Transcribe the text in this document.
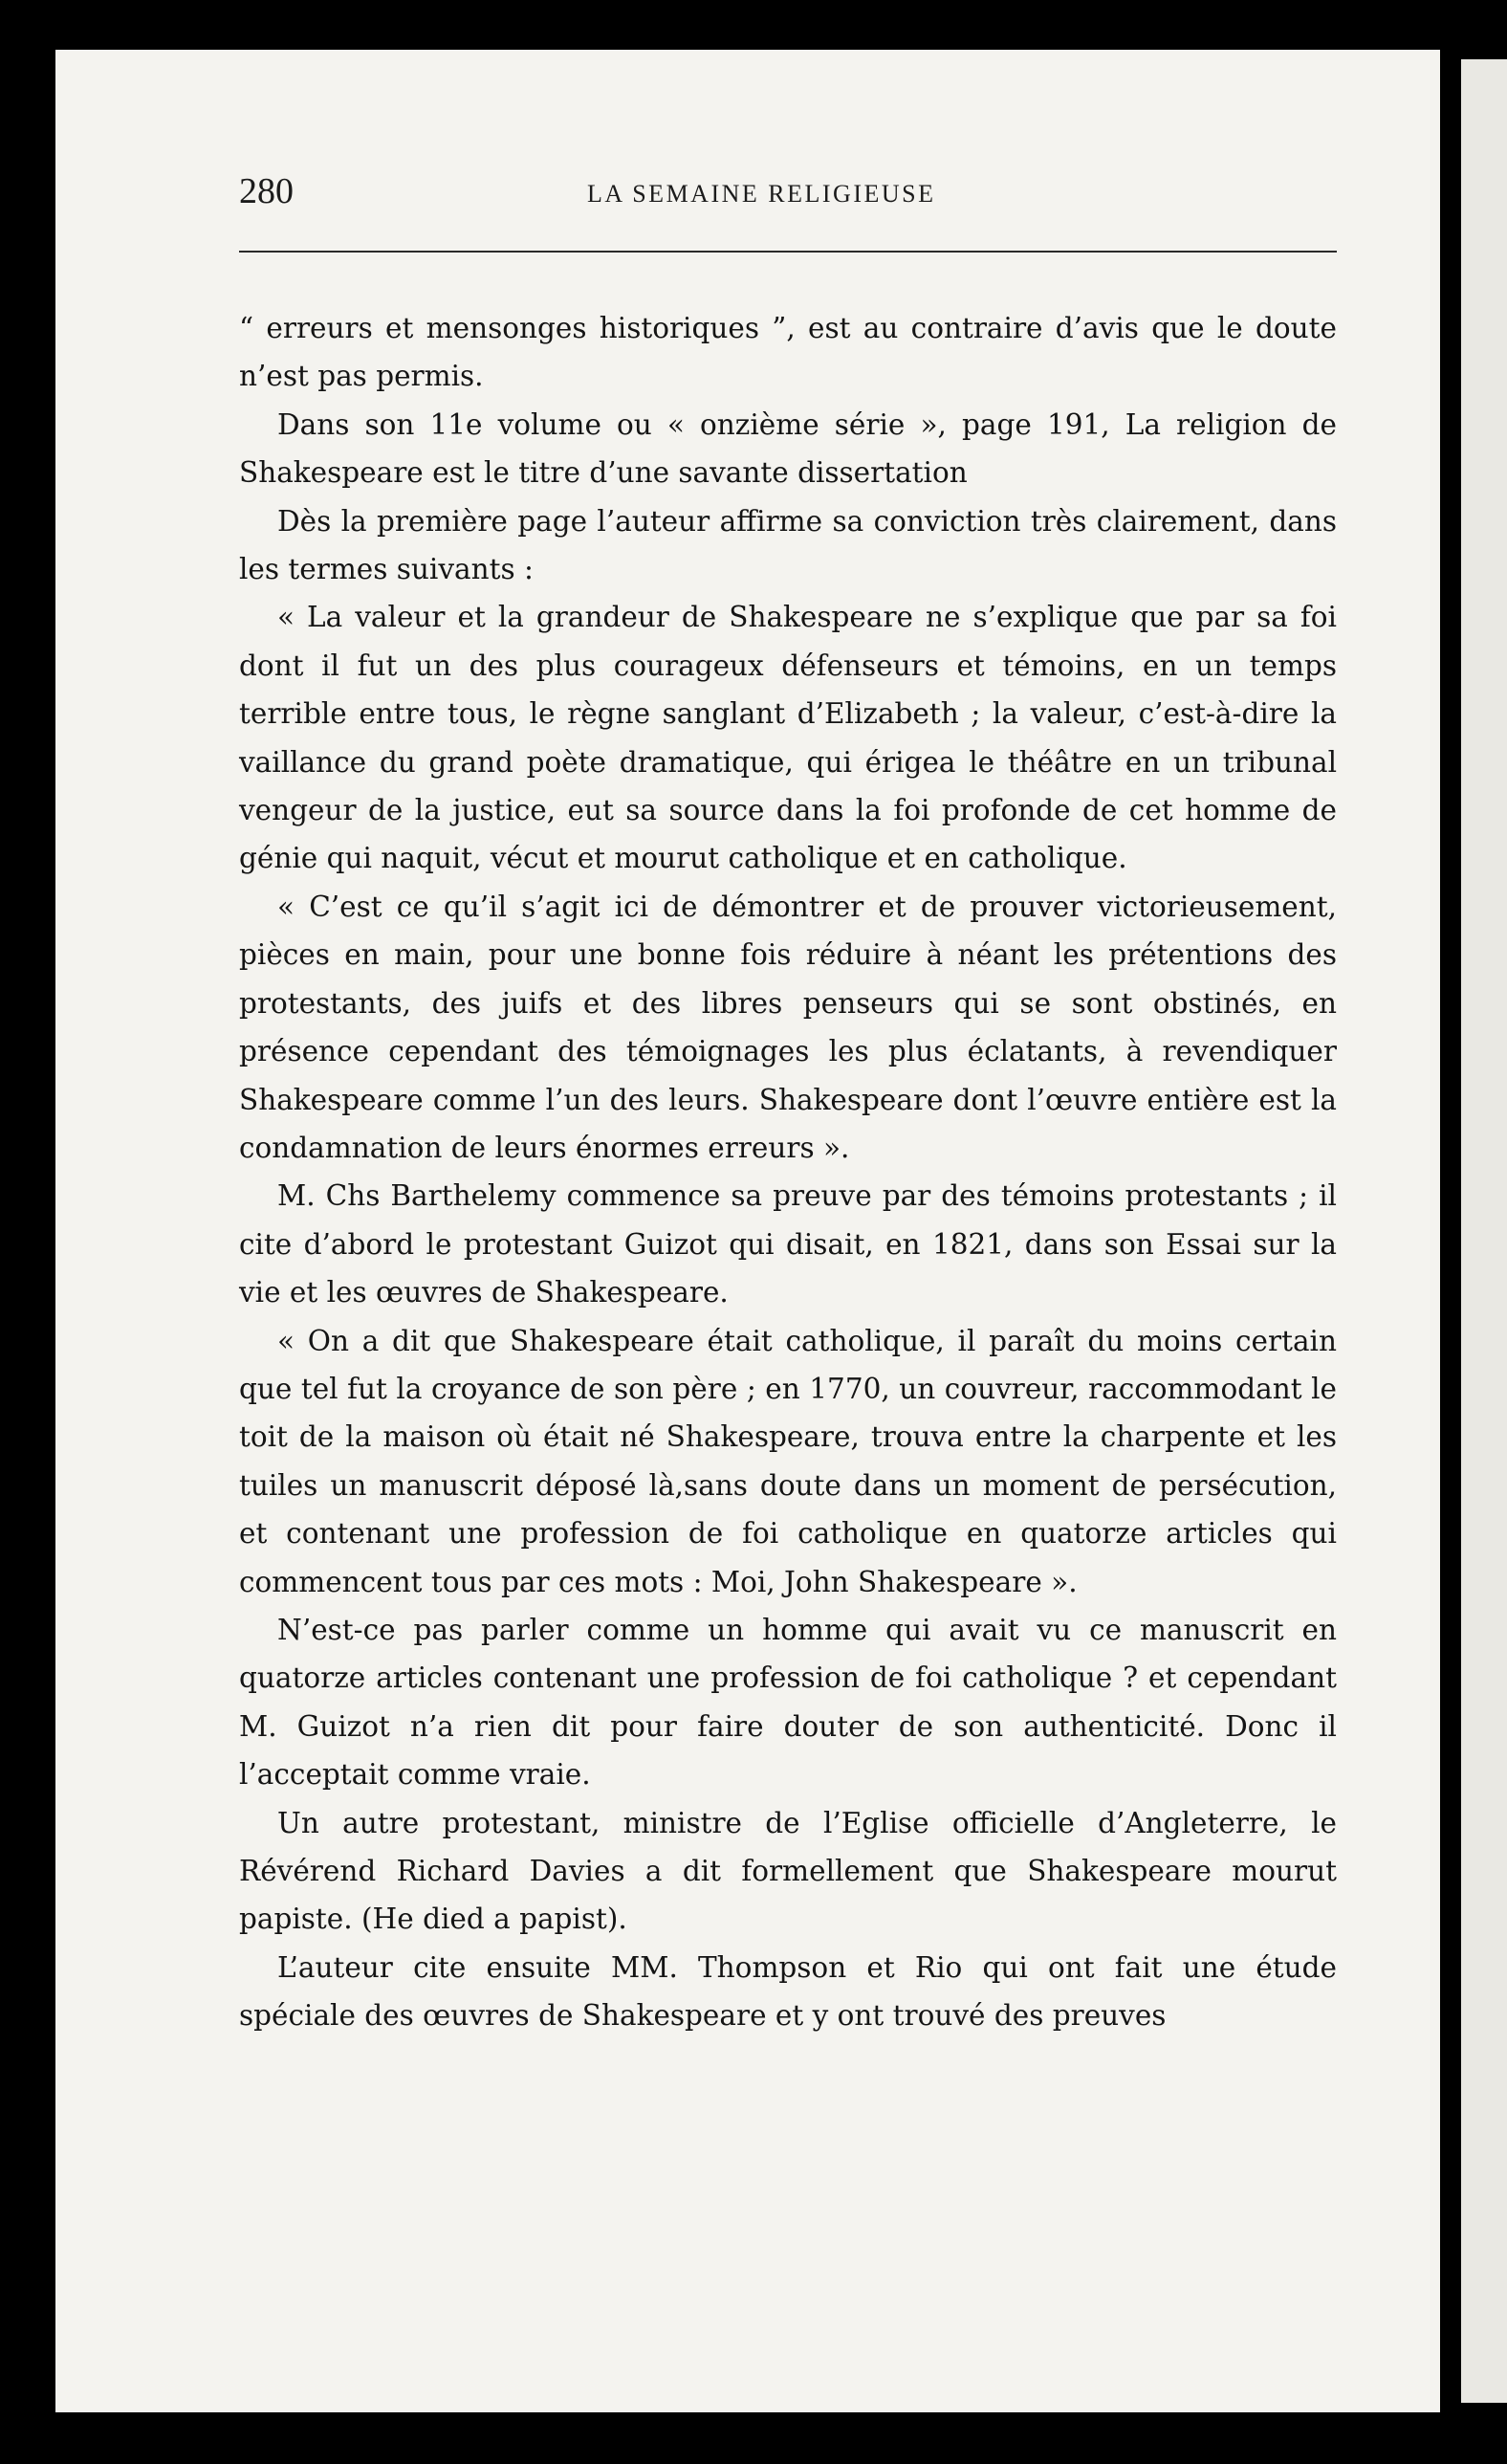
280	LA SEMAINE RELIGIEUSE

“ erreurs et mensonges historiques ”, est au contraire d’avis que le doute n’est pas permis.

Dans son 11e volume ou « onzième série », page 191, La religion de Shakespeare est le titre d’une savante dissertation

Dès la première page l’auteur affirme sa conviction très clairement, dans les termes suivants :

« La valeur et la grandeur de Shakespeare ne s’explique que par sa foi dont il fut un des plus courageux défenseurs et témoins, en un temps terrible entre tous, le règne sanglant d’Elizabeth ; la valeur, c’est-à-dire la vaillance du grand poète dramatique, qui érigea le théâtre en un tribunal vengeur de la justice, eut sa source dans la foi profonde de cet homme de génie qui naquit, vécut et mourut catholique et en catholique.

« C’est ce qu’il s’agit ici de démontrer et de prouver victorieusement, pièces en main, pour une bonne fois réduire à néant les prétentions des protestants, des juifs et des libres penseurs qui se sont obstinés, en présence cependant des témoignages les plus éclatants, à revendiquer Shakespeare comme l’un des leurs. Shakespeare dont l’œuvre entière est la condamnation de leurs énormes erreurs ».

M. Chs Barthelemy commence sa preuve par des témoins protestants ; il cite d’abord le protestant Guizot qui disait, en 1821, dans son Essai sur la vie et les œuvres de Shakespeare.

« On a dit que Shakespeare était catholique, il paraît du moins certain que tel fut la croyance de son père ; en 1770, un couvreur, raccommodant le toit de la maison où était né Shakespeare, trouva entre la charpente et les tuiles un manuscrit déposé là,sans doute dans un moment de persécution, et contenant une profession de foi catholique en quatorze articles qui commencent tous par ces mots : Moi, John Shakespeare ».

N’est-ce pas parler comme un homme qui avait vu ce manuscrit en quatorze articles contenant une profession de foi catholique ? et cependant M. Guizot n’a rien dit pour faire douter de son authenticité. Donc il l’acceptait comme vraie.

Un autre protestant, ministre de l’Eglise officielle d’Angleterre, le Révérend Richard Davies a dit formellement que Shakespeare mourut papiste. (He died a papist).

L’auteur cite ensuite MM. Thompson et Rio qui ont fait une étude spéciale des œuvres de Shakespeare et y ont trouvé des preuves
